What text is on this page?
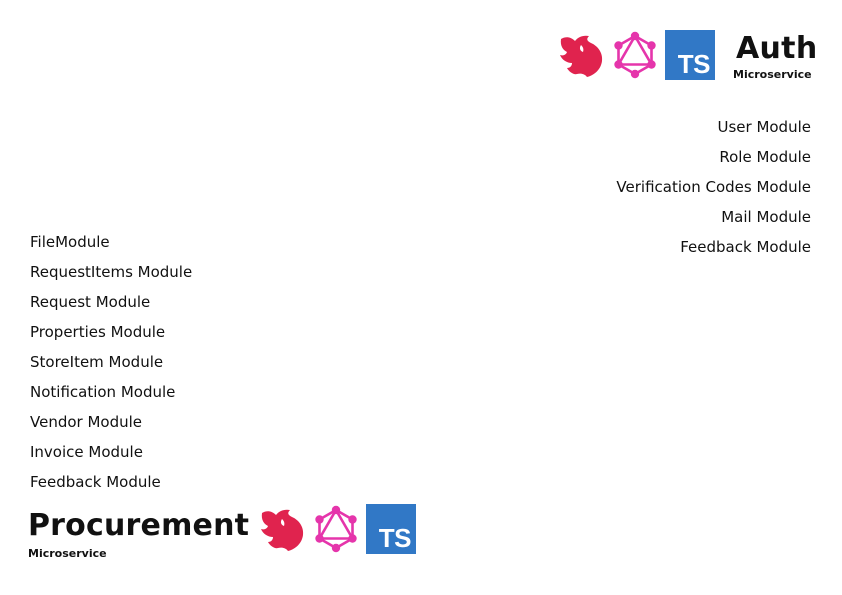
TS Auth
Microservice
User Module
Role Module
Verification Codes Module
Mail Module
Feedback Module
FileModule
RequestItems Module
Request Module
Properties Module
StoreItem Module
Notification Module
Vendor Module
Invoice Module
Feedback Module
Procurement
Microservice
TS
